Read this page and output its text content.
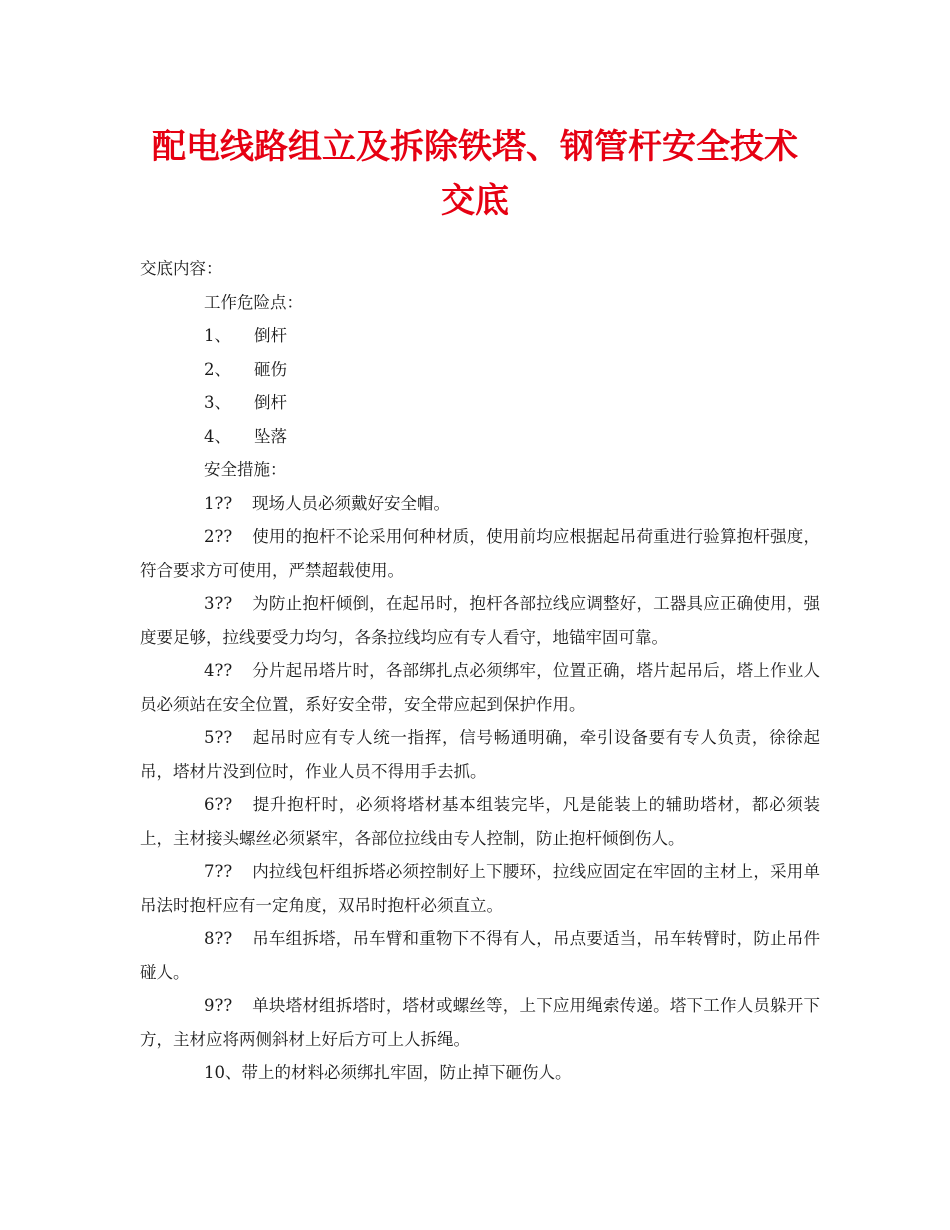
配电线路组立及拆除铁塔、钢管杆安全技术
交底
交底内容：
工作危险点：
1、 倒杆
2、 砸伤
3、 倒杆
4、 坠落
安全措施：
1?? 现场人员必须戴好安全帽。
2?? 使用的抱杆不论采用何种材质，使用前均应根据起吊荷重进行验算抱杆强度，符合要求方可使用，严禁超载使用。
3?? 为防止抱杆倾倒，在起吊时，抱杆各部拉线应调整好，工器具应正确使用，强度要足够，拉线要受力均匀，各条拉线均应有专人看守，地锚牢固可靠。
4?? 分片起吊塔片时，各部绑扎点必须绑牢，位置正确，塔片起吊后，塔上作业人员必须站在安全位置，系好安全带，安全带应起到保护作用。
5?? 起吊时应有专人统一指挥，信号畅通明确，牵引设备要有专人负责，徐徐起吊，塔材片没到位时，作业人员不得用手去抓。
6?? 提升抱杆时，必须将塔材基本组装完毕，凡是能装上的辅助塔材，都必须装上，主材接头螺丝必须紧牢，各部位拉线由专人控制，防止抱杆倾倒伤人。
7?? 内拉线包杆组拆塔必须控制好上下腰环，拉线应固定在牢固的主材上，采用单吊法时抱杆应有一定角度，双吊时抱杆必须直立。
8?? 吊车组拆塔，吊车臂和重物下不得有人，吊点要适当，吊车转臂时，防止吊件碰人。
9?? 单块塔材组拆塔时，塔材或螺丝等，上下应用绳索传递。塔下工作人员躲开下方，主材应将两侧斜材上好后方可上人拆绳。
10、带上的材料必须绑扎牢固，防止掉下砸伤人。
